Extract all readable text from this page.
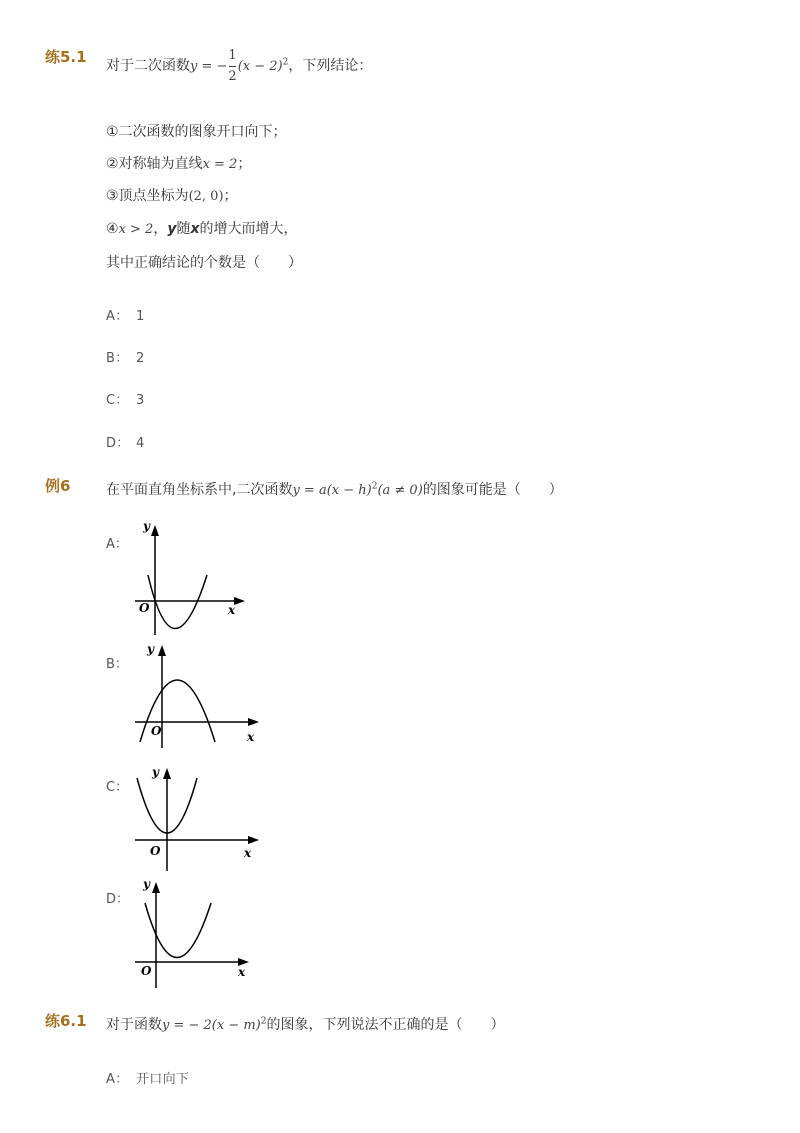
练5.1 对于二次函数y = − $\frac{1}{2} (x - 2)^2$，下列结论：
①二次函数的图象开口向下；
②对称轴为直线x = 2；
③顶点坐标为(2, 0)；
④x > 2，y随x的增大而增大，
其中正确结论的个数是（　　）
A： 1
B： 2
C： 3
D： 4
例6	在平面直角坐标系中,二次函数$y = a(x - h)^2(a \ne 0)$的图象可能是（　　）
A：
y
x
O
B：
y
x
O
C：
y
x
O
D：
y
x
O
练6.1 对于函数y = − $2(x - m)^2$的图象，下列说法不正确的是（　　）
A： 开口向下
